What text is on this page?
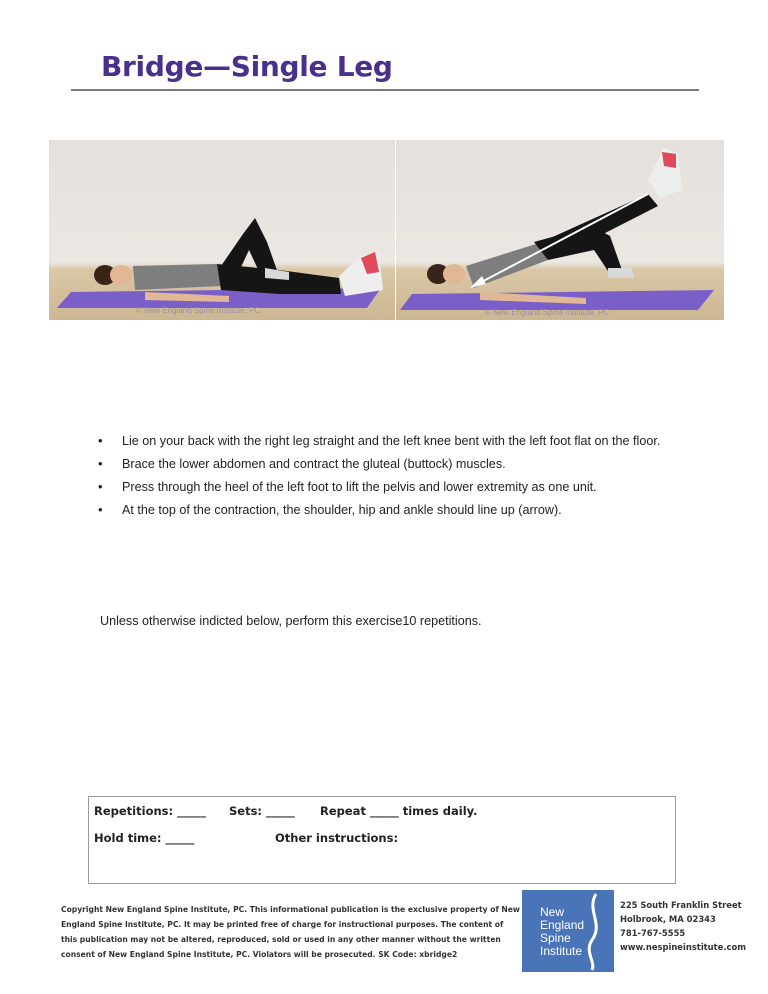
Bridge—Single Leg
© New England Spine Institute, PC	© New England Spine Institute, PC
• Lie on your back with the right leg straight and the left knee bent with the left foot flat on the floor.
• Brace the lower abdomen and contract the gluteal (buttock) muscles.
• Press through the heel of the left foot to lift the pelvis and lower extremity as one unit.
• At the top of the contraction, the shoulder, hip and ankle should line up (arrow).

Unless otherwise indicted below, perform this exercise10 repetitions.

Repetitions: _____ Sets: _____ Repeat _____ times daily.
Hold time: _____	Other instructions:

Copyright New England Spine Institute, PC. This informational publication is the exclusive property of New England Spine Institute, PC. It may be printed free of charge for instructional purposes. The content of this publication may not be altered, reproduced, sold or used in any other manner without the written consent of New England Spine Institute, PC. Violators will be prosecuted. SK Code: xbridge2

New
England
Spine
Institute
225 South Franklin Street
Holbrook, MA 02343
781-767-5555
www.nespineinstitute.com
